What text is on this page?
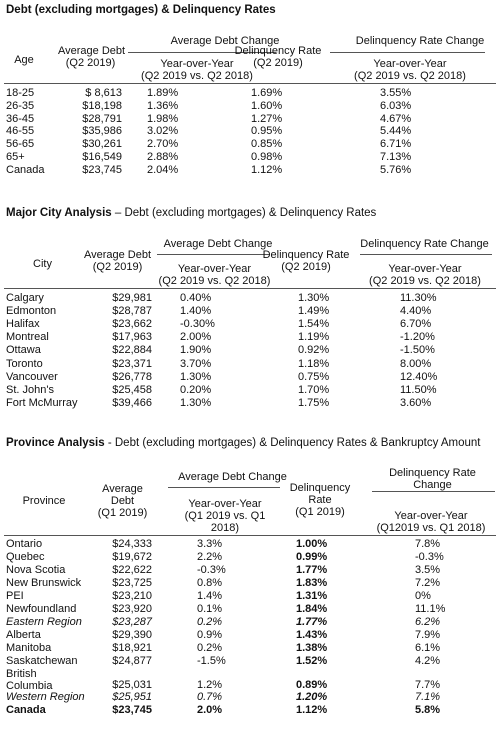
Debt (excluding mortgages) & Delinquency Rates
Average Debt Change	Delinquency Rate Change
Age
Average Debt
(Q2 2019)	Year-over-Year
(Q2 2019 vs. Q2 2018)
Delinquency Rate
(Q2 2019)	Year-over-Year
(Q2 2019 vs. Q2 2018)
18-25	$ 8,613 1.89%	1.69%	3.55%
26-35	$18,198 1.36%	1.60%	6.03%
36-45	$28,791 1.98%	1.27%	4.67%
46-55	$35,986 3.02%	0.95%	5.44%
56-65	$30,261 2.70%	0.85%	6.71%
65+	$16,549 2.88%	0.98%	7.13%
Canada	$23,745 2.04%	1.12%	5.76%
Major City Analysis – Debt (excluding mortgages) & Delinquency Rates
Average Debt Change	Delinquency Rate Change
City
Average Debt
(Q2 2019)	Year-over-Year
(Q2 2019 vs. Q2 2018)
Delinquency Rate
(Q2 2019)	Year-over-Year
(Q2 2019 vs. Q2 2018)
Calgary	$29,981	0.40%	1.30%	11.30%
Edmonton	$28,787	1.40%	1.49%	4.40%
Halifax	$23,662	-0.30%	1.54%	6.70%
Montreal	$17,963	2.00%	1.19%	-1.20%
Ottawa	$22,884	1.90%	0.92%	-1.50%
Toronto	$23,371	3.70%	1.18%	8.00%
Vancouver	$26,778	1.30%	0.75%	12.40%
St. John's	$25,458	0.20%	1.70%	11.50%
Fort McMurray	$39,466	1.30%	1.75%	3.60%
Province Analysis - Debt (excluding mortgages) & Delinquency Rates & Bankruptcy Amount
Average Debt Change	Delinquency Rate
Change
Province
Average
Debt
(Q1 2019)
Year-over-Year
(Q1 2019 vs. Q1
2018)
Delinquency
Rate
(Q1 2019)	Year-over-Year
(Q12019 vs. Q1 2018)
Ontario	$24,333	3.3%	1.00%	7.8%
Quebec	$19,672	2.2%	0.99%	-0.3%
Nova Scotia	$22,622	-0.3%	1.77%	3.5%
New Brunswick	$23,725	0.8%	1.83%	7.2%
PEI	$23,210	1.4%	1.31%	0%
Newfoundland	$23,920	0.1%	1.84%	11.1%
Eastern Region	$23,287	0.2%	1.77%	6.2%
Alberta	$29,390	0.9%	1.43%	7.9%
Manitoba	$18,921	0.2%	1.38%	6.1%
Saskatchewan	$24,877	-1.5%	1.52%	4.2%
British
Columbia	$25,031	1.2%	0.89%	7.7%
Western Region	$25,951	0.7%	1.20%	7.1%
Canada	$23,745	2.0%	1.12%	5.8%
